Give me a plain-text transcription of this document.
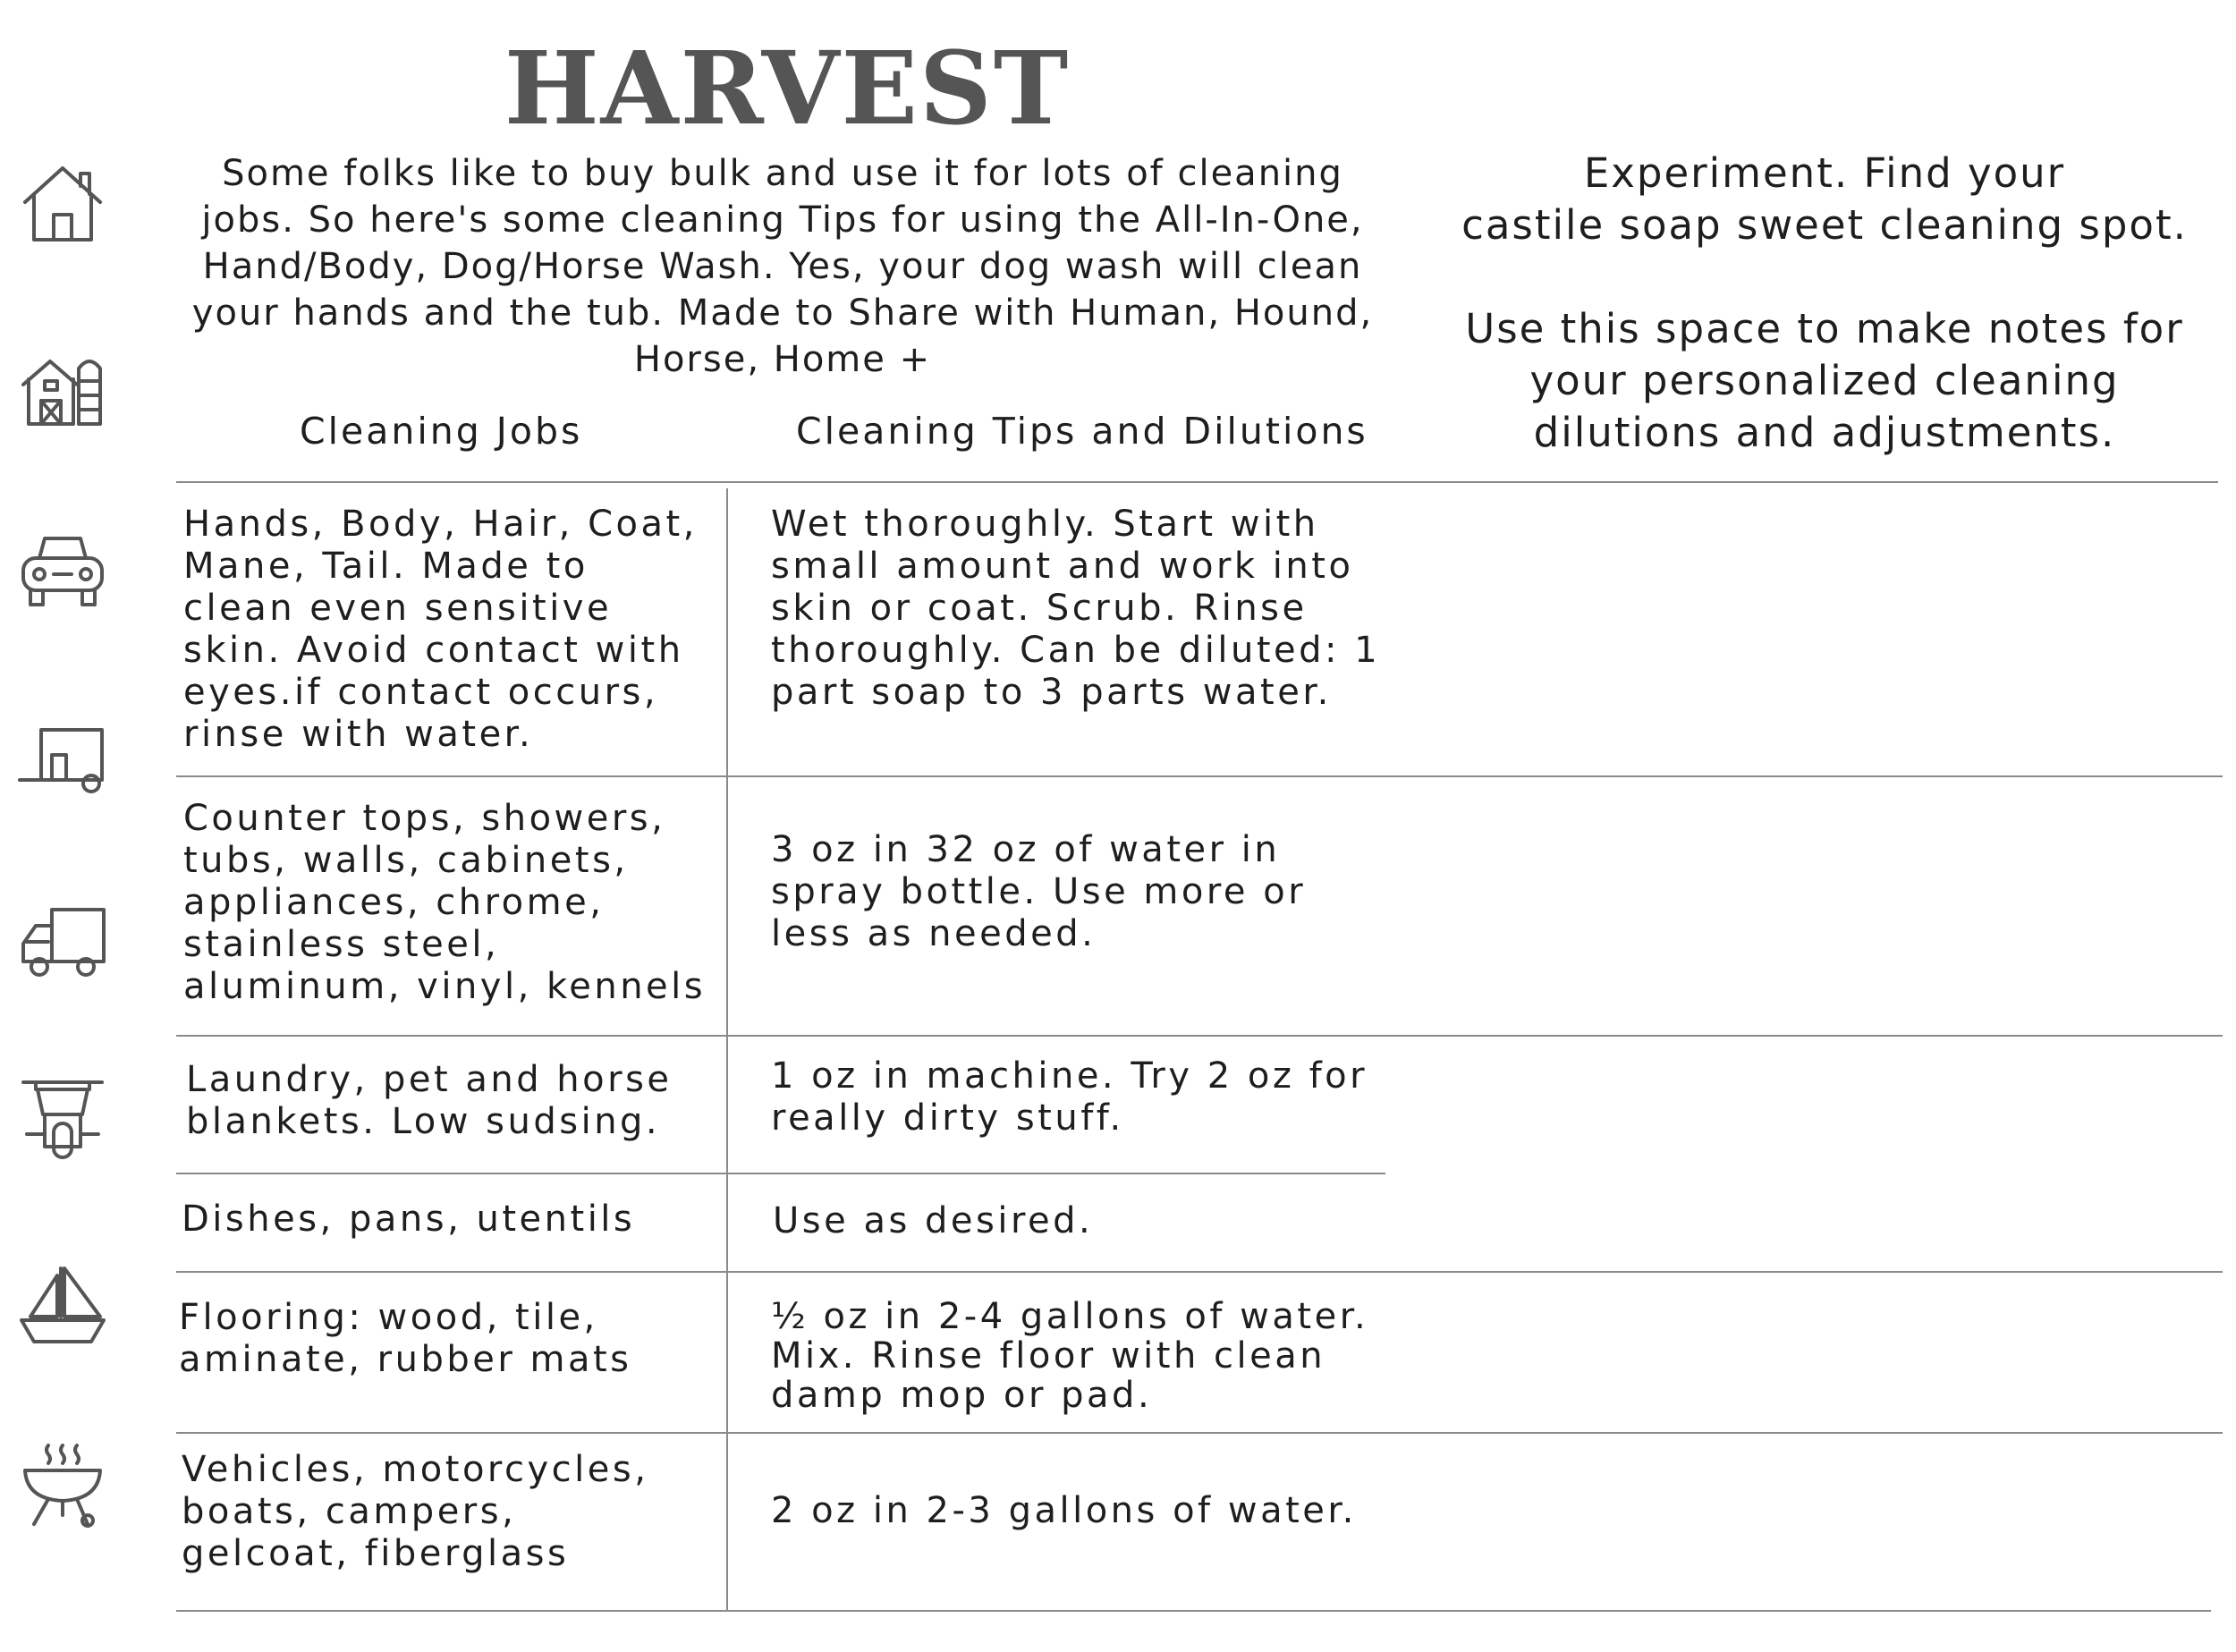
HARVEST
Some folks like to buy bulk and use it for lots of cleaning jobs. So here's some cleaning Tips for using the All-In-One, Hand/Body, Dog/Horse Wash. Yes, your dog wash will clean your hands and the tub. Made to Share with Human, Hound, Horse, Home +
Experiment. Find your
castile soap sweet cleaning spot.
Use this space to make notes for
your personalized cleaning
dilutions and adjustments.
Cleaning Jobs	Cleaning Tips and Dilutions
Hands, Body, Hair, Coat,
Mane, Tail. Made to
clean even sensitive
skin. Avoid contact with
eyes.if contact occurs,
rinse with water.
Wet thoroughly. Start with
small amount and work into
skin or coat. Scrub. Rinse
thoroughly. Can be diluted: 1
part soap to 3 parts water.
Counter tops, showers,
tubs, walls, cabinets,
appliances, chrome,
stainless steel,
aluminum, vinyl, kennels
3 oz in 32 oz of water in
spray bottle. Use more or
less as needed.
Laundry, pet and horse
blankets. Low sudsing.
1 oz in machine. Try 2 oz for
really dirty stuff.
Dishes, pans, utentils	Use as desired.
Flooring: wood, tile,
aminate, rubber mats
½ oz in 2-4 gallons of water.
Mix. Rinse floor with clean
damp mop or pad.
Vehicles, motorcycles,
boats, campers,
gelcoat, fiberglass
2 oz in 2-3 gallons of water.
